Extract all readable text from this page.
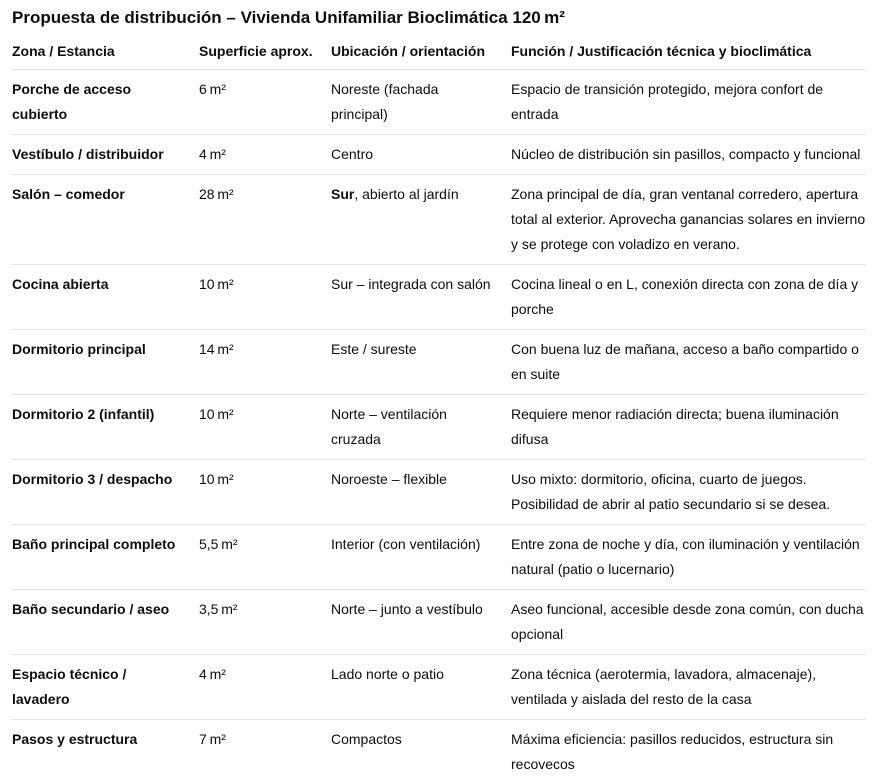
Propuesta de distribución – Vivienda Unifamiliar Bioclimática 120 m²
Zona / Estancia	Superficie aprox.	Ubicación / orientación	Función / Justificación técnica y bioclimática
Porche de acceso cubierto	6 m²	Noreste (fachada principal)	Espacio de transición protegido, mejora confort de entrada
Vestíbulo / distribuidor	4 m²	Centro	Núcleo de distribución sin pasillos, compacto y funcional
Salón – comedor	28 m²	Sur, abierto al jardín	Zona principal de día, gran ventanal corredero, apertura total al exterior. Aprovecha ganancias solares en invierno y se protege con voladizo en verano.
Cocina abierta	10 m²	Sur – integrada con salón	Cocina lineal o en L, conexión directa con zona de día y porche
Dormitorio principal	14 m²	Este / sureste	Con buena luz de mañana, acceso a baño compartido o en suite
Dormitorio 2 (infantil)	10 m²	Norte – ventilación cruzada	Requiere menor radiación directa; buena iluminación difusa
Dormitorio 3 / despacho	10 m²	Noroeste – flexible	Uso mixto: dormitorio, oficina, cuarto de juegos. Posibilidad de abrir al patio secundario si se desea.
Baño principal completo	5,5 m²	Interior (con ventilación)	Entre zona de noche y día, con iluminación y ventilación natural (patio o lucernario)
Baño secundario / aseo	3,5 m²	Norte – junto a vestíbulo	Aseo funcional, accesible desde zona común, con ducha opcional
Espacio técnico / lavadero	4 m²	Lado norte o patio	Zona técnica (aerotermia, lavadora, almacenaje), ventilada y aislada del resto de la casa
Pasos y estructura	7 m²	Compactos	Máxima eficiencia: pasillos reducidos, estructura sin recovecos
